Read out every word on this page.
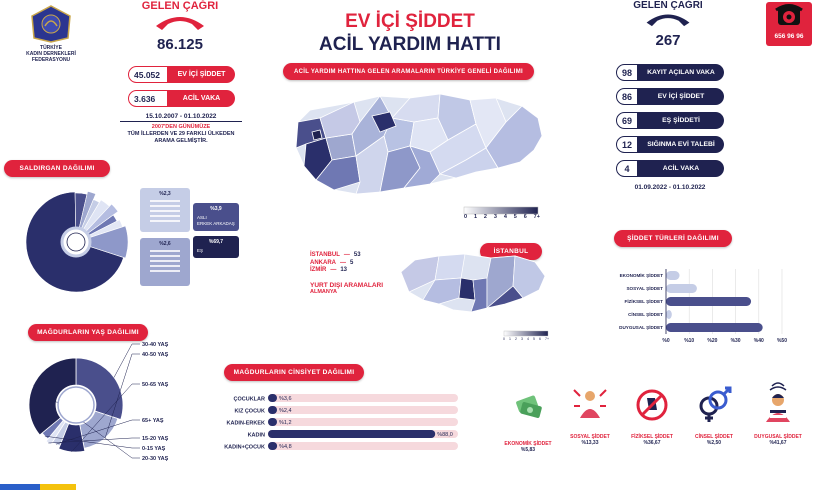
TÜRKİYE
KADIN DERNEKLERİ
FEDERASYONU
EV İÇİ ŞİDDET
ACİL YARDIM HATTI
GELEN ÇAĞRI
86.125
45.052	EV İÇİ ŞİDDET
3.636	ACİL VAKA
15.10.2007 - 01.10.2022
2007'DEN GÜNÜMÜZE
TÜM İLLERDEN VE 29 FARKLI ÜLKEDEN
ARAMA GELMİŞTİR.
GELEN ÇAĞRI
267
98	KAYIT AÇILAN VAKA
86	EV İÇİ ŞİDDET
69	EŞ ŞİDDETİ
12	SIĞINMA EVİ TALEBİ
4	ACİL VAKA
01.09.2022 - 01.10.2022
656 96 96
ACİL YARDIM HATTINA GELEN ARAMALARIN TÜRKİYE GENELİ DAĞILIMI
0 1 2 3 4 5 6 7+
İSTANBUL
İSTANBUL — 53
ANKARA — 5
İZMİR — 13
YURT DIŞI ARAMALARI
ALMANYA
0 1 2 3 4 5 6 7+
SALDIRGAN DAĞILIMI
%2,3
%3,9
ASLI
ERKEK ARKADAŞ
%2,6	%69,7
EŞ
MAĞDURLARIN YAŞ DAĞILIMI
30-40 YAŞ
40-50 YAŞ
50-65 YAŞ
65+ YAŞ
15-20 YAŞ
0-15 YAŞ
20-30 YAŞ
MAĞDURLARIN CİNSİYET DAĞILIMI
ÇOCUKLAR	%3,6
KIZ ÇOCUK	%2,4
KADIN-ERKEK	%1,2
KADIN	%88,0
KADIN+ÇOCUK	%4,8
ŞİDDET TÜRLERİ DAĞILIMI
%0	%10	%20	%30	%40	%50
EKONOMİK ŞİDDET
SOSYAL ŞİDDET
FİZİKSEL ŞİDDET
CİNSEL ŞİDDET
DUYGUSAL ŞİDDET
EKONOMİK ŞİDDET
%5,83
SOSYAL ŞİDDET
%13,33
FİZİKSEL ŞİDDET
%36,67
CİNSEL ŞİDDET
%2,50
DUYGUSAL ŞİDDET
%41,67
